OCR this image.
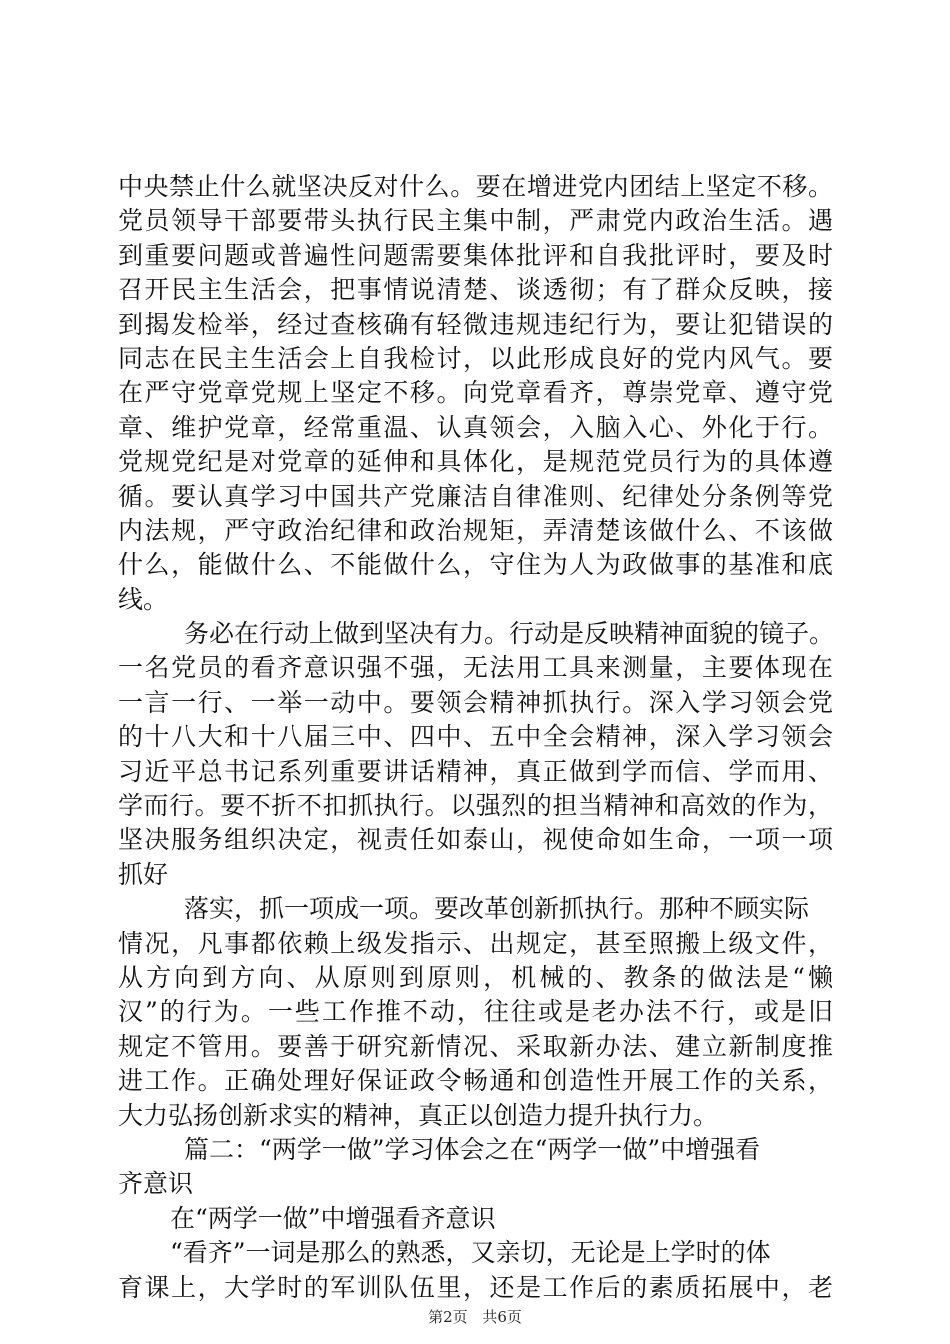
中央禁止什么就坚决反对什么。要在增进党内团结上坚定不移。
党员领导干部要带头执行民主集中制，严肃党内政治生活。遇
到重要问题或普遍性问题需要集体批评和自我批评时，要及时
召开民主生活会，把事情说清楚、谈透彻；有了群众反映，接
到揭发检举，经过查核确有轻微违规违纪行为，要让犯错误的
同志在民主生活会上自我检讨，以此形成良好的党内风气。要
在严守党章党规上坚定不移。向党章看齐，尊崇党章、遵守党
章、维护党章，经常重温、认真领会，入脑入心、外化于行。
党规党纪是对党章的延伸和具体化，是规范党员行为的具体遵
循。要认真学习中国共产党廉洁自律准则、纪律处分条例等党
内法规，严守政治纪律和政治规矩，弄清楚该做什么、不该做
什么，能做什么、不能做什么，守住为人为政做事的基准和底
线。
务必在行动上做到坚决有力。行动是反映精神面貌的镜子。
一名党员的看齐意识强不强，无法用工具来测量，主要体现在
一言一行、一举一动中。要领会精神抓执行。深入学习领会党
的十八大和十八届三中、四中、五中全会精神，深入学习领会
习近平总书记系列重要讲话精神，真正做到学而信、学而用、
学而行。要不折不扣抓执行。以强烈的担当精神和高效的作为，
坚决服务组织决定，视责任如泰山，视使命如生命，一项一项
抓好
落实，抓一项成一项。要改革创新抓执行。那种不顾实际
情况，凡事都依赖上级发指示、出规定，甚至照搬上级文件，
从方向到方向、从原则到原则，机械的、教条的做法是“懒
汉”的行为。一些工作推不动，往往或是老办法不行，或是旧
规定不管用。要善于研究新情况、采取新办法、建立新制度推
进工作。正确处理好保证政令畅通和创造性开展工作的关系，
大力弘扬创新求实的精神，真正以创造力提升执行力。
篇二：“两学一做”学习体会之在“两学一做”中增强看
齐意识
在“两学一做”中增强看齐意识
“看齐”一词是那么的熟悉，又亲切，无论是上学时的体
育课上，大学时的军训队伍里，还是工作后的素质拓展中，老
第2页 共6页
